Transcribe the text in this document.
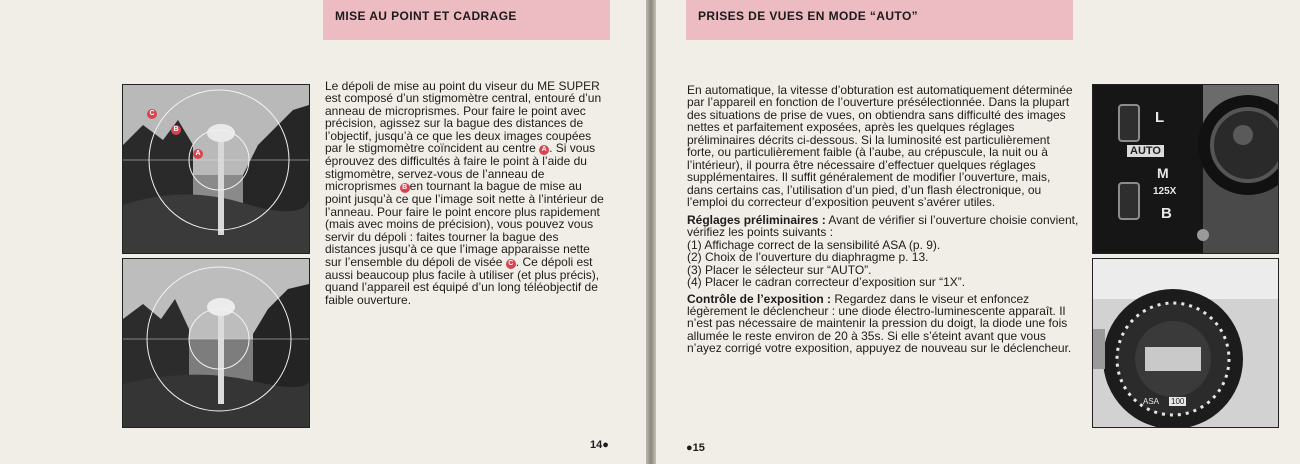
MISE AU POINT ET CADRAGE
C
B
A
Le dépoli de mise au point du viseur du ME SUPER est composé d’un stigmomètre central, entouré d’un anneau de microprismes. Pour faire le point avec précision, agissez sur la bague des distances de l’objectif, jusqu’à ce que les deux images coupées par le stigmomètre coïncident au centre A . Si vous éprouvez des difficultés à faire le point à l’aide du stigmomètre, servez-vous de l’anneau de microprismes B en tournant la bague de mise au point jusqu’à ce que l’image soit nette à l’intérieur de l’anneau. Pour faire le point encore plus rapidement (mais avec moins de précision), vous pouvez vous servir du dépoli : faites tourner la bague des distances jusqu’à ce que l’image apparaisse nette sur l’ensemble du dépoli de visée C . Ce dépoli est aussi beaucoup plus facile à utiliser (et plus précis), quand l’appareil est équipé d’un long téléobjectif de faible ouverture.
14●
PRISES DE VUES EN MODE “AUTO”

En automatique, la vitesse d’obturation est automatiquement déterminée par l’appareil en fonction de l’ouverture présélectionnée. Dans la plupart des situations de prise de vues, on obtiendra sans difficulté des images nettes et parfaitement exposées, après les quelques réglages préliminaires décrits ci-dessous. Si la luminosité est particulièrement forte, ou particulièrement faible (à l’aube, au crépuscule, la nuit ou à l’intérieur), il pourra être nécessaire d’effectuer quelques réglages supplémentaires. Il suffit généralement de modifier l’ouverture, mais, dans certains cas, l’utilisation d’un pied, d’un flash électronique, ou l’emploi du correcteur d’exposition peuvent s’avérer utiles.

Réglages préliminaires : Avant de vérifier si l’ouverture choisie convient, vérifiez les points suivants :

(1) Affichage correct de la sensibilité ASA (p. 9).
(2) Choix de l’ouverture du diaphragme p. 13.
(3) Placer le sélecteur sur “AUTO”.
(4) Placer le cadran correcteur d’exposition sur “1X”.

Contrôle de l’exposition : Regardez dans le viseur et enfoncez légèrement le déclencheur : une diode électro-luminescente apparaît. Il n’est pas nécessaire de maintenir la pression du doigt, la diode une fois allumée le reste environ de 20 à 35s. Si elle s’éteint avant que vous n’ayez corrigé votre exposition, appuyez de nouveau sur le déclencheur.

L
AUTO
M
125X
B
ASA 100
●15
